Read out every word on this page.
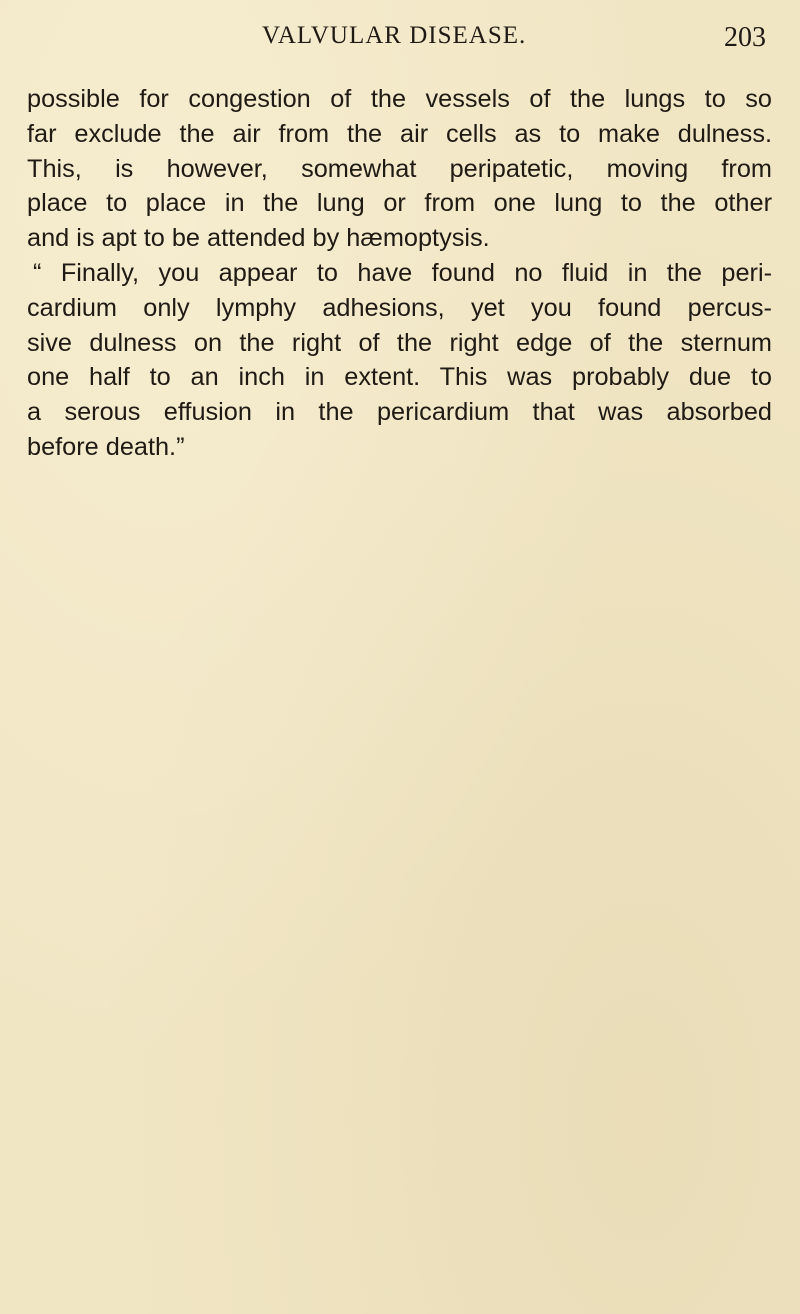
VALVULAR DISEASE.	203
possible for congestion of the vessels of the lungs to so
far exclude the air from the air cells as to make dulness.
This, is however, somewhat peripatetic, moving from
place to place in the lung or from one lung to the other
and is apt to be attended by hæmoptysis.
“ Finally, you appear to have found no fluid in the peri-
cardium only lymphy adhesions, yet you found percus-
sive dulness on the right of the right edge of the sternum
one half to an inch in extent. This was probably due to
a serous effusion in the pericardium that was absorbed
before death.”
